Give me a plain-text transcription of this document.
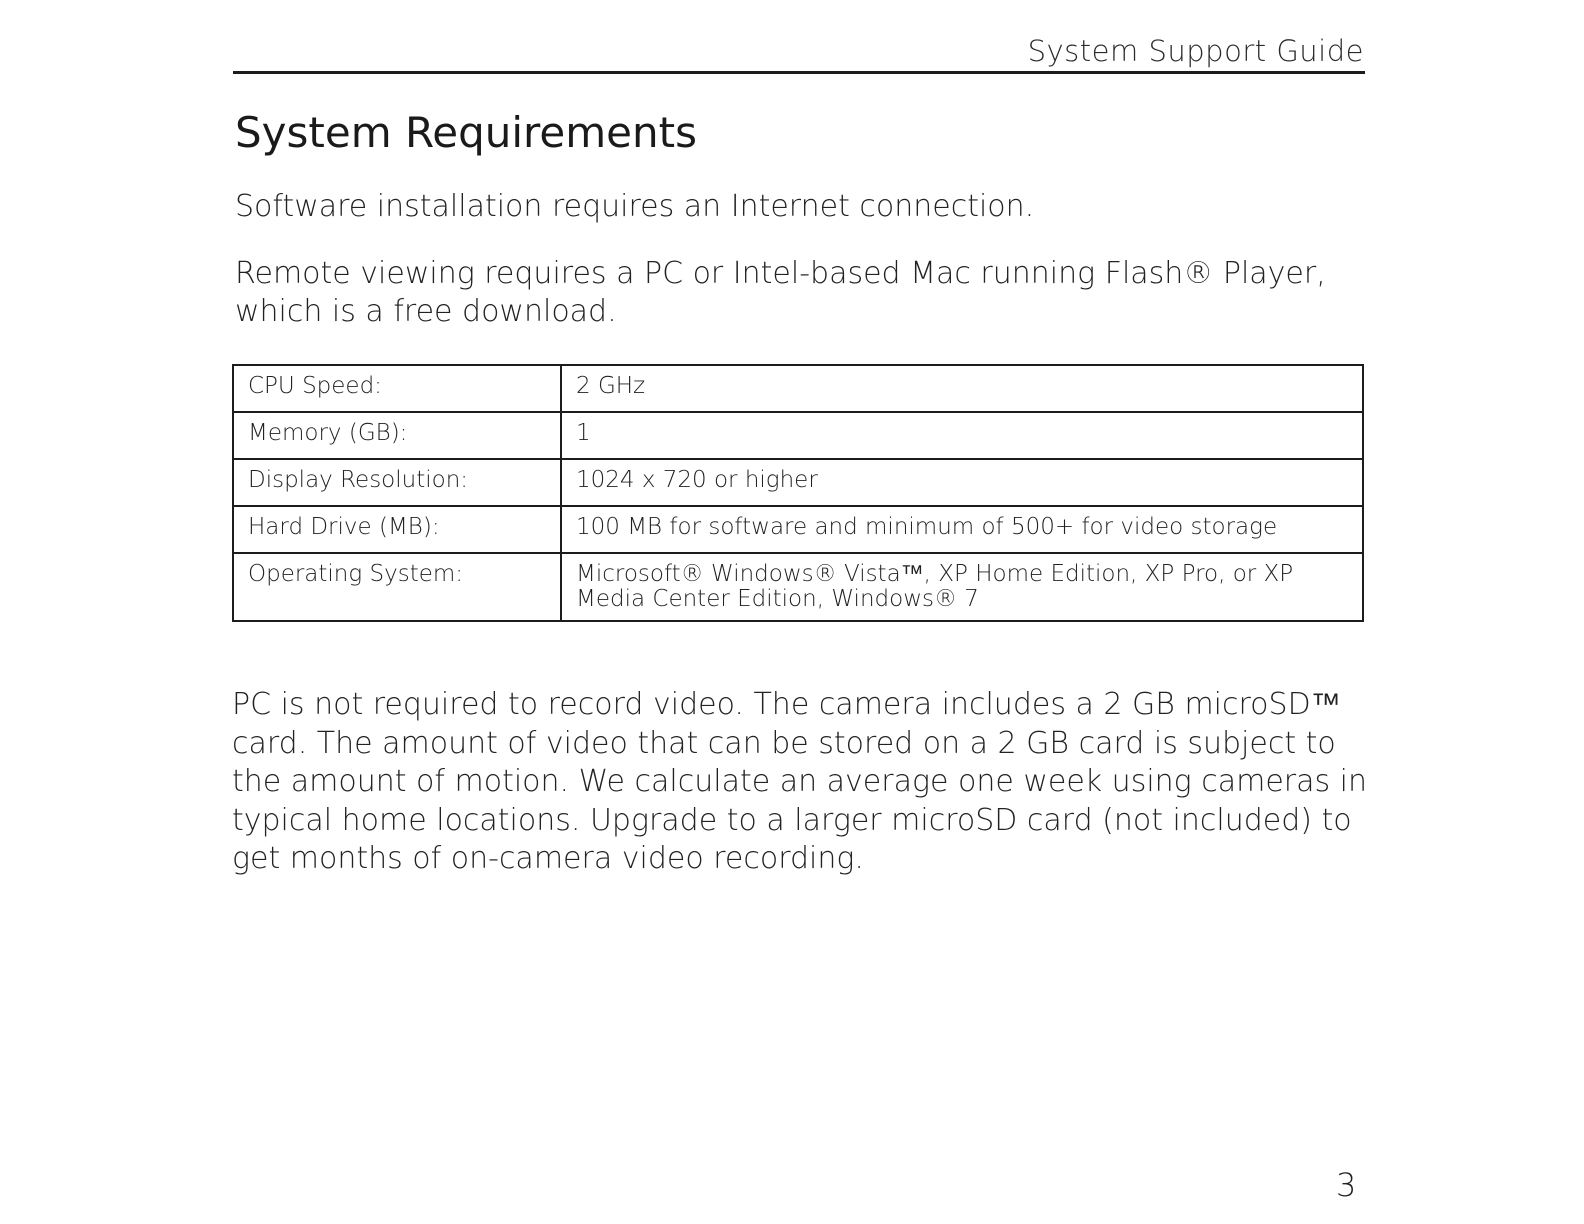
System Support Guide
System Requirements
Software installation requires an Internet connection.
Remote viewing requires a PC or Intel-based Mac running Flash® Player, which is a free download.
CPU Speed:	2 GHz
Memory (GB):	1
Display Resolution:	1024 x 720 or higher
Hard Drive (MB):	100 MB for software and minimum of 500+ for video storage
Operating System:	Microsoft® Windows® Vista™, XP Home Edition, XP Pro, or XP Media Center Edition, Windows® 7
PC is not required to record video. The camera includes a 2 GB microSD™ card. The amount of video that can be stored on a 2 GB card is subject to the amount of motion. We calculate an average one week using cameras in typical home locations. Upgrade to a larger microSD card (not included) to get months of on-camera video recording.
3
